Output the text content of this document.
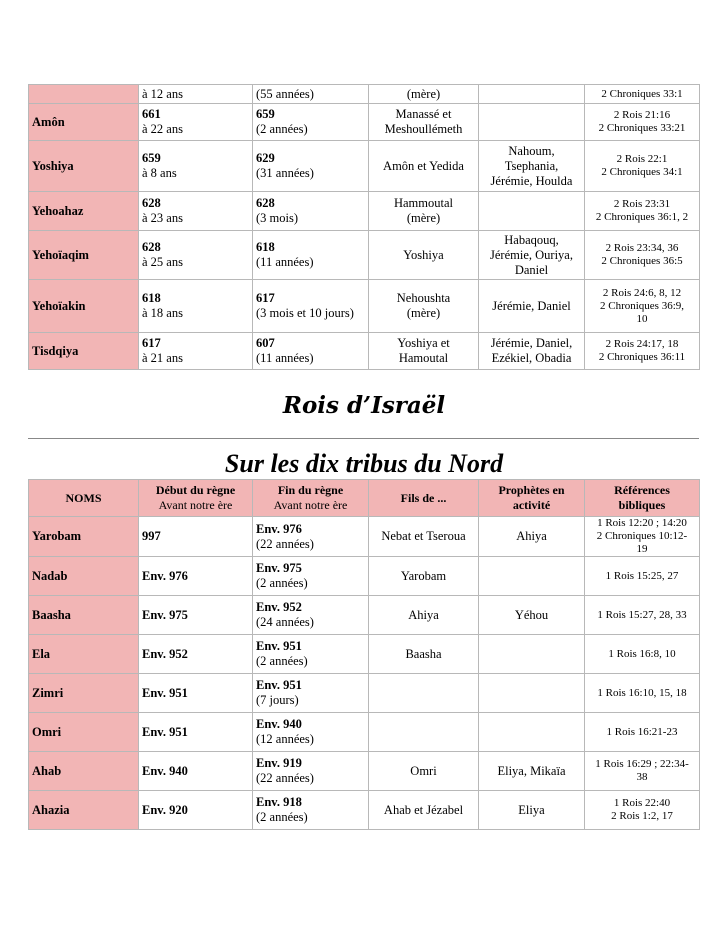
	à 12 ans	(55 années)	(mère)		2 Chroniques 33:1

Amôn	661
à 22 ans	659
(2 années)	Manassé et
Meshoullémeth		2 Rois 21:16
2 Chroniques 33:21

Yoshiya	659
à 8 ans	629
(31 années)	Amôn et Yedida	Nahoum,
Tsephania,
Jérémie, Houlda	2 Rois 22:1
2 Chroniques 34:1

Yehoahaz	628
à 23 ans	628
(3 mois)	Hammoutal
(mère)		2 Rois 23:31
2 Chroniques 36:1, 2

Yehoïaqim	628
à 25 ans	618
(11 années)	Yoshiya	Habaqouq,
Jérémie, Ouriya,
Daniel	2 Rois 23:34, 36
2 Chroniques 36:5

Yehoïakin	618
à 18 ans	617
(3 mois et 10 jours)	Nehoushta
(mère)	Jérémie, Daniel	2 Rois 24:6, 8, 12
2 Chroniques 36:9,
10

Tisdqiya	617
à 21 ans	607
(11 années)	Yoshiya et
Hamoutal	Jérémie, Daniel,
Ezékiel, Obadia	2 Rois 24:17, 18
2 Chroniques 36:11
Rois d’Israël
Sur les dix tribus du Nord
NOMS	Début du règne
Avant notre ère	Fin du règne
Avant notre ère	Fils de ...	Prophètes en
activité	Références
bibliques

Yarobam	997	Env. 976
(22 années)	Nebat et Tseroua	Ahiya	1 Rois 12:20 ; 14:20
2 Chroniques 10:12-
19

Nadab	Env. 976	Env. 975
(2 années)	Yarobam		1 Rois 15:25, 27

Baasha	Env. 975	Env. 952
(24 années)	Ahiya	Yéhou	1 Rois 15:27, 28, 33

Ela	Env. 952	Env. 951
(2 années)	Baasha		1 Rois 16:8, 10

Zimri	Env. 951	Env. 951
(7 jours)			1 Rois 16:10, 15, 18

Omri	Env. 951	Env. 940
(12 années)			1 Rois 16:21-23

Ahab	Env. 940	Env. 919
(22 années)	Omri	Eliya, Mikaïa	1 Rois 16:29 ; 22:34-
38

Ahazia	Env. 920	Env. 918
(2 années)	Ahab et Jézabel	Eliya	1 Rois 22:40
2 Rois 1:2, 17
